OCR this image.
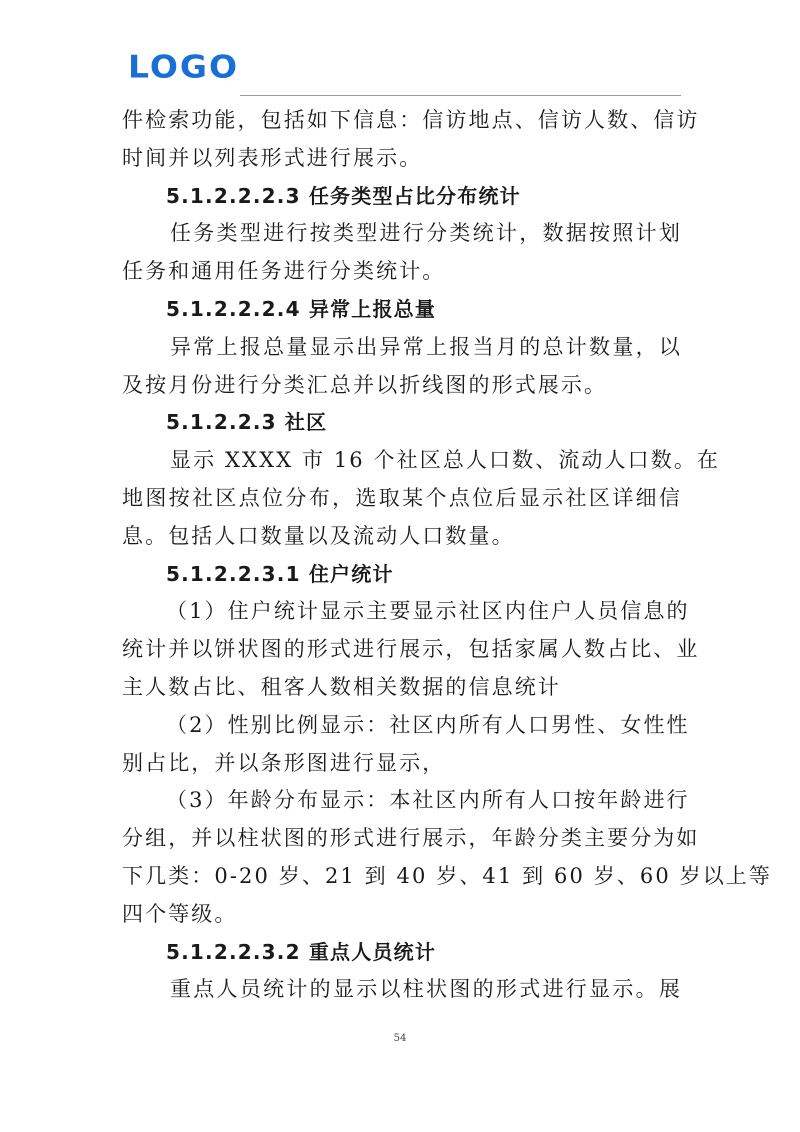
LOGO
件检索功能，包括如下信息：信访地点、信访人数、信访
时间并以列表形式进行展示。
5.1.2.2.2.3 任务类型占比分布统计
任务类型进行按类型进行分类统计，数据按照计划
任务和通用任务进行分类统计。
5.1.2.2.2.4 异常上报总量
异常上报总量显示出异常上报当月的总计数量，以
及按月份进行分类汇总并以折线图的形式展示。
5.1.2.2.3 社区
显示 XXXX 市 16 个社区总人口数、流动人口数。在
地图按社区点位分布，选取某个点位后显示社区详细信
息。包括人口数量以及流动人口数量。
5.1.2.2.3.1 住户统计
（1）住户统计显示主要显示社区内住户人员信息的
统计并以饼状图的形式进行展示，包括家属人数占比、业
主人数占比、租客人数相关数据的信息统计
（2）性别比例显示：社区内所有人口男性、女性性
别占比，并以条形图进行显示，
（3）年龄分布显示：本社区内所有人口按年龄进行
分组，并以柱状图的形式进行展示，年龄分类主要分为如
下几类：0-20 岁、21 到 40 岁、41 到 60 岁、60 岁以上等
四个等级。
5.1.2.2.3.2 重点人员统计
重点人员统计的显示以柱状图的形式进行显示。展
54
